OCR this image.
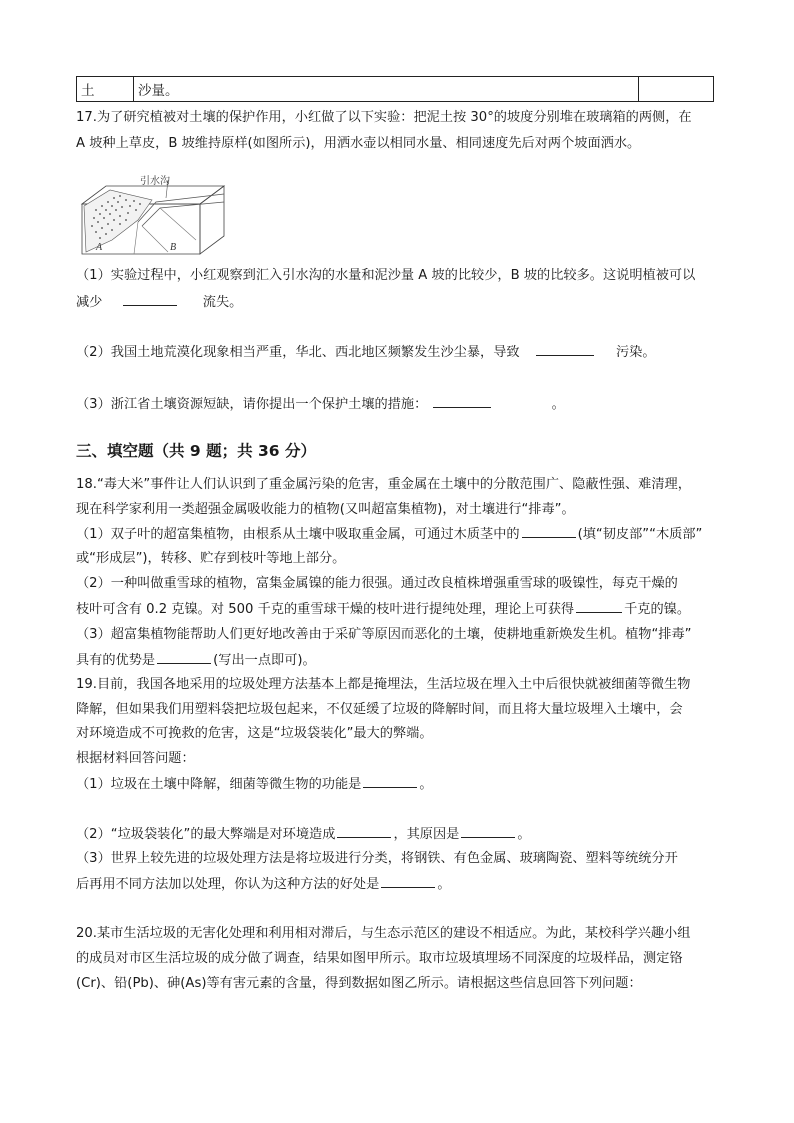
土	沙量。	
17.为了研究植被对土壤的保护作用，小红做了以下实验：把泥土按 30°的坡度分别堆在玻璃箱的两侧，在
A 坡种上草皮，B 坡维持原样(如图所示)，用洒水壶以相同水量、相同速度先后对两个坡面洒水。
A	B
引水沟
（1）实验过程中，小红观察到汇入引水沟的水量和泥沙量 A 坡的比较少，B 坡的比较多。这说明植被可以
减少	流失。
（2）我国土地荒漠化现象相当严重，华北、西北地区频繁发生沙尘暴，导致	污染。
（3）浙江省土壤资源短缺，请你提出一个保护土壤的措施：	。
三、填空题（共 9 题；共 36 分）
18.“毒大米”事件让人们认识到了重金属污染的危害，重金属在土壤中的分散范围广、隐蔽性强、难清理，
现在科学家利用一类超强金属吸收能力的植物(又叫超富集植物)，对土壤进行“排毒”。
（1）双子叶的超富集植物，由根系从土壤中吸取重金属，可通过木质茎中的	(填“韧皮部”“木质部”
或“形成层”)，转移、贮存到枝叶等地上部分。
（2）一种叫做重雪球的植物，富集金属镍的能力很强。通过改良植株增强重雪球的吸镍性，每克干燥的
枝叶可含有 0.2 克镍。对 500 千克的重雪球干燥的枝叶进行提纯处理，理论上可获得	千克的镍。
（3）超富集植物能帮助人们更好地改善由于采矿等原因而恶化的土壤，使耕地重新焕发生机。植物“排毒”
具有的优势是	(写出一点即可)。
19.目前，我国各地采用的垃圾处理方法基本上都是掩埋法，生活垃圾在埋入土中后很快就被细菌等微生物
降解，但如果我们用塑料袋把垃圾包起来，不仅延缓了垃圾的降解时间，而且将大量垃圾埋入土壤中，会
对环境造成不可挽救的危害，这是“垃圾袋装化”最大的弊端。
根据材料回答问题：
（1）垃圾在土壤中降解，细菌等微生物的功能是	。
（2）“垃圾袋装化”的最大弊端是对环境造成	，其原因是	。
（3）世界上较先进的垃圾处理方法是将垃圾进行分类，将钢铁、有色金属、玻璃陶瓷、塑料等统统分开
后再用不同方法加以处理，你认为这种方法的好处是	。
20.某市生活垃圾的无害化处理和利用相对滞后，与生态示范区的建设不相适应。为此，某校科学兴趣小组
的成员对市区生活垃圾的成分做了调查，结果如图甲所示。取市垃圾填埋场不同深度的垃圾样品，测定铬
(Cr)、铅(Pb)、砷(As)等有害元素的含量，得到数据如图乙所示。请根据这些信息回答下列问题：
